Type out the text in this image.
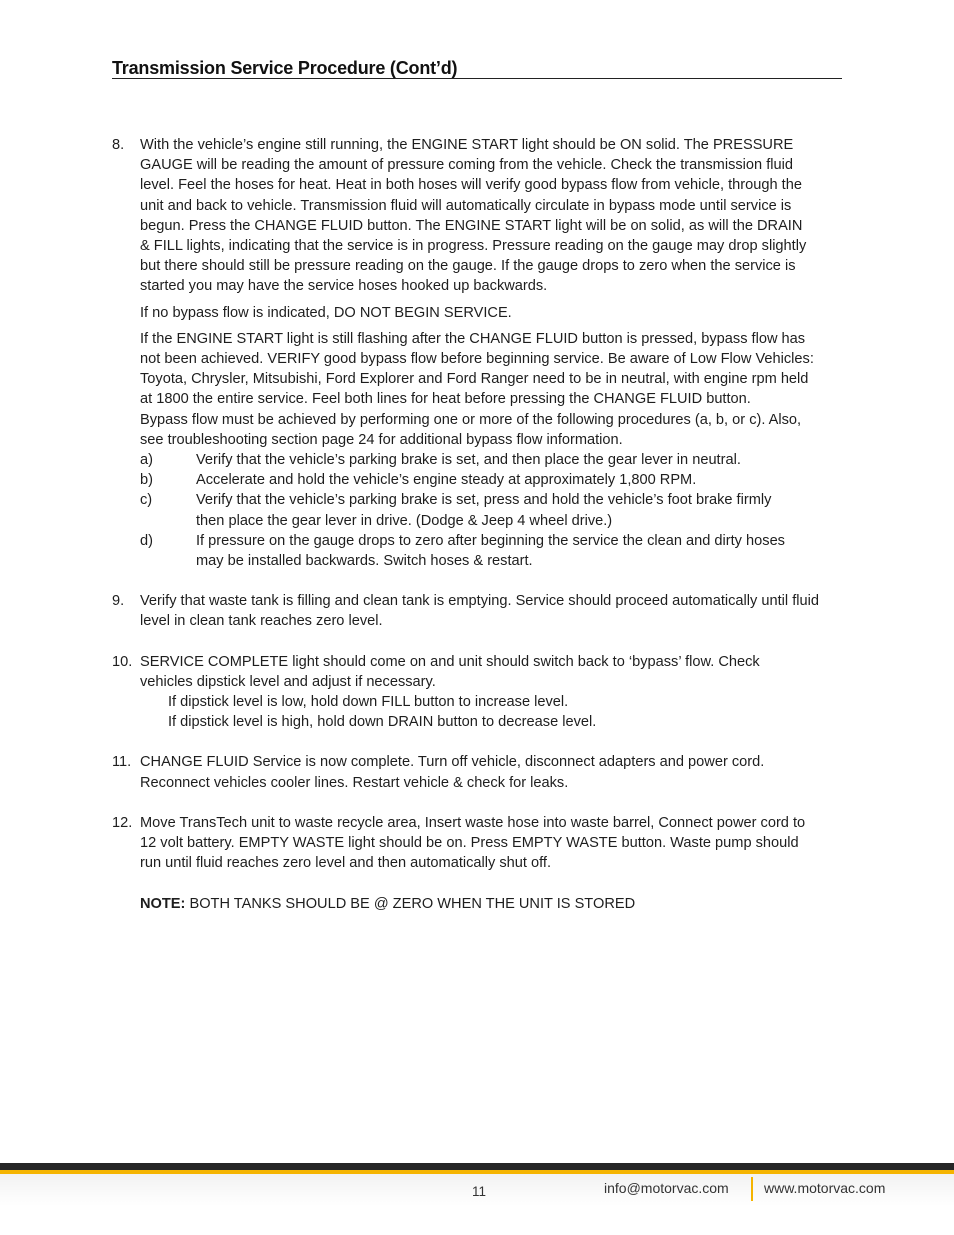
Transmission Service Procedure (Cont’d)
8. With the vehicle’s engine still running, the ENGINE START light should be ON solid. The PRESSURE
GAUGE will be reading the amount of pressure coming from the vehicle. Check the transmission fluid
level. Feel the hoses for heat. Heat in both hoses will verify good bypass flow from vehicle, through the
unit and back to vehicle. Transmission fluid will automatically circulate in bypass mode until service is
begun. Press the CHANGE FLUID button. The ENGINE START light will be on solid, as will the DRAIN
& FILL lights, indicating that the service is in progress. Pressure reading on the gauge may drop slightly
but there should still be pressure reading on the gauge. If the gauge drops to zero when the service is
started you may have the service hoses hooked up backwards.
If no bypass flow is indicated, DO NOT BEGIN SERVICE.
If the ENGINE START light is still flashing after the CHANGE FLUID button is pressed, bypass flow has
not been achieved. VERIFY good bypass flow before beginning service. Be aware of Low Flow Vehicles:
Toyota, Chrysler, Mitsubishi, Ford Explorer and Ford Ranger need to be in neutral, with engine rpm held
at 1800 the entire service. Feel both lines for heat before pressing the CHANGE FLUID button.
Bypass flow must be achieved by performing one or more of the following procedures (a, b, or c). Also,
see troubleshooting section page 24 for additional bypass flow information.
a)	Verify that the vehicle’s parking brake is set, and then place the gear lever in neutral.
b)	Accelerate and hold the vehicle’s engine steady at approximately 1,800 RPM.
c)	Verify that the vehicle’s parking brake is set, press and hold the vehicle’s foot brake firmly
then place the gear lever in drive. (Dodge & Jeep 4 wheel drive.)
d)	If pressure on the gauge drops to zero after beginning the service the clean and dirty hoses
may be installed backwards. Switch hoses & restart.
9. Verify that waste tank is filling and clean tank is emptying. Service should proceed automatically until fluid
level in clean tank reaches zero level.
10. SERVICE COMPLETE light should come on and unit should switch back to ‘bypass’ flow. Check
vehicles dipstick level and adjust if necessary.
If dipstick level is low, hold down FILL button to increase level.
If dipstick level is high, hold down DRAIN button to decrease level.
11. CHANGE FLUID Service is now complete. Turn off vehicle, disconnect adapters and power cord.
Reconnect vehicles cooler lines. Restart vehicle & check for leaks.
12. Move TransTech unit to waste recycle area, Insert waste hose into waste barrel, Connect power cord to
12 volt battery. EMPTY WASTE light should be on. Press EMPTY WASTE button. Waste pump should
run until fluid reaches zero level and then automatically shut off.
NOTE: BOTH TANKS SHOULD BE @ ZERO WHEN THE UNIT IS STORED
11	info@motorvac.com	www.motorvac.com
